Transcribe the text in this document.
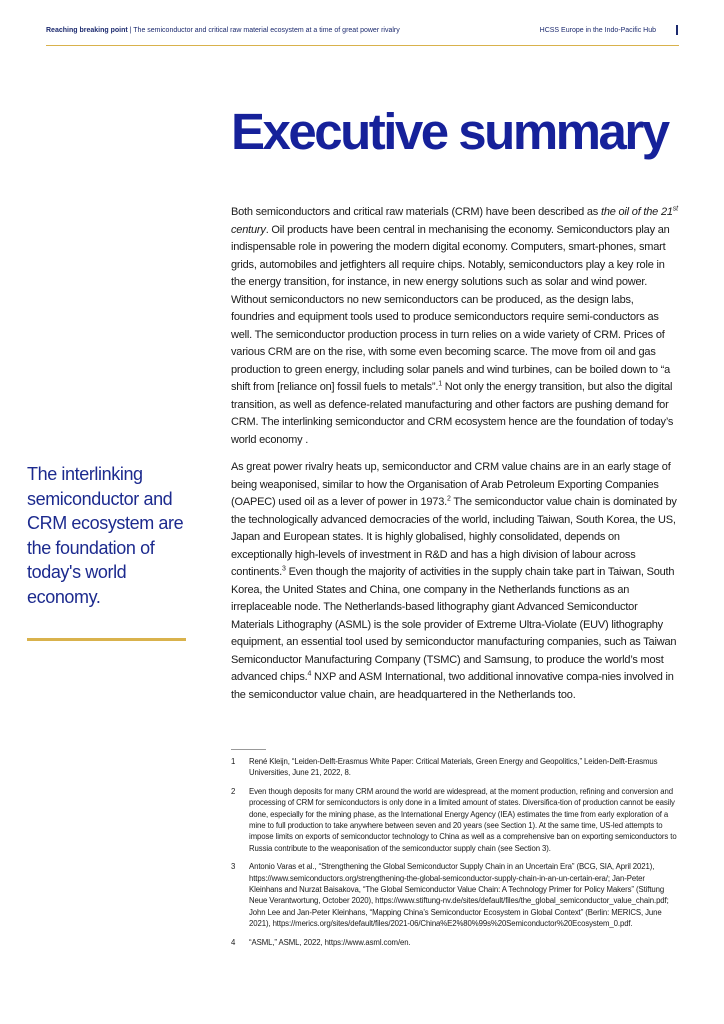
Reaching breaking point | The semiconductor and critical raw material ecosystem at a time of great power rivalry	HCSS Europe in the Indo-Pacific Hub
Executive summary

Both semiconductors and critical raw materials (CRM) have been described as the oil of the 21st century. Oil products have been central in mechanising the economy. Semiconductors play an indispensable role in powering the modern digital economy. Computers, smart-phones, smart grids, automobiles and jetfighters all require chips. Notably, semiconductors play a key role in the energy transition, for instance, in new energy solutions such as solar and wind power. Without semiconductors no new semiconductors can be produced, as the design labs, foundries and equipment tools used to produce semiconductors require semi-conductors as well. The semiconductor production process in turn relies on a wide variety of CRM. Prices of various CRM are on the rise, with some even becoming scarce. The move from oil and gas production to green energy, including solar panels and wind turbines, can be boiled down to “a shift from [reliance on] fossil fuels to metals”.$^1$ Not only the energy transition, but also the digital transition, as well as defence-related manufacturing and other factors are pushing demand for CRM. The interlinking semiconductor and CRM ecosystem hence are the foundation of today’s world economy .

As great power rivalry heats up, semiconductor and CRM value chains are in an early stage of being weaponised, similar to how the Organisation of Arab Petroleum Exporting Companies (OAPEC) used oil as a lever of power in 1973.$^2$ The semiconductor value chain is dominated by the technologically advanced democracies of the world, including Taiwan, South Korea, the US, Japan and European states. It is highly globalised, highly consolidated, depends on exceptionally high-levels of investment in R&D and has a high division of labour across continents.$^3$ Even though the majority of activities in the supply chain take part in Taiwan, South Korea, the United States and China, one company in the Netherlands functions as an irreplaceable node. The Netherlands-based lithography giant Advanced Semiconductor Materials Lithography (ASML) is the sole provider of Extreme Ultra-Violate (EUV) lithography equipment, an essential tool used by semiconductor manufacturing companies, such as Taiwan Semiconductor Manufacturing Company (TSMC) and Samsung, to produce the world’s most advanced chips.$^4$ NXP and ASM International, two additional innovative compa-nies involved in the semiconductor value chain, are headquartered in the Netherlands too.

The interlinking semiconductor and CRM ecosystem are the foundation of today's world economy.
1	René Kleijn, “Leiden-Delft-Erasmus White Paper: Critical Materials, Green Energy and Geopolitics,” Leiden-Delft-Erasmus Universities, June 21, 2022, 8.
2	Even though deposits for many CRM around the world are widespread, at the moment production, refining and conversion and processing of CRM for semiconductors is only done in a limited amount of states. Diversifica-tion of production cannot be easily done, especially for the mining phase, as the International Energy Agency (IEA) estimates the time from early exploration of a mine to full production to take anywhere between seven and 20 years (see Section 1). At the same time, US-led attempts to impose limits on exports of semiconductor technology to China as well as a comprehensive ban on exporting semiconductors to Russia contribute to the weaponisation of the semiconductor supply chain (see Section 3).
3	Antonio Varas et al., “Strengthening the Global Semiconductor Supply Chain in an Uncertain Era” (BCG, SIA, April 2021), https://www.semiconductors.org/strengthening-the-global-semiconductor-supply-chain-in-an-un-certain-era/; Jan-Peter Kleinhans and Nurzat Baisakova, “The Global Semiconductor Value Chain: A Technology Primer for Policy Makers” (Stiftung Neue Verantwortung, October 2020), https://www.stiftung-nv.de/sites/default/files/the_global_semiconductor_value_chain.pdf; John Lee and Jan-Peter Kleinhans, “Mapping China’s Semiconductor Ecosystem in Global Context” (Berlin: MERICS, June 2021), https://merics.org/sites/default/files/2021-06/China%E2%80%99s%20Semiconductor%20Ecosystem_0.pdf.
4	“ASML,” ASML, 2022, https://www.asml.com/en.
